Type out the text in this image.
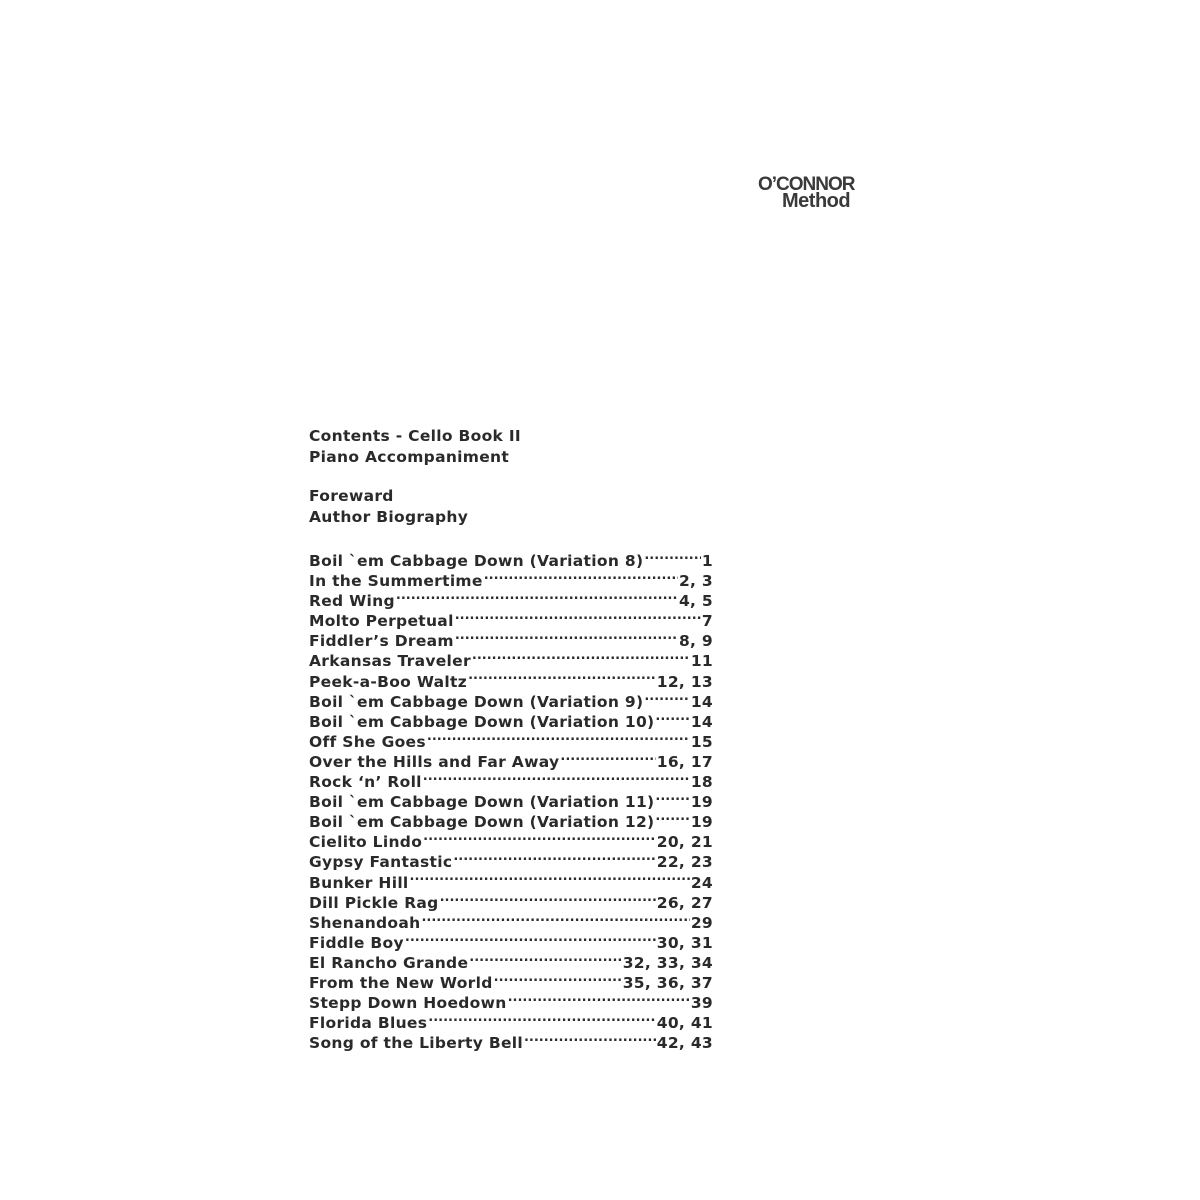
O’CONNOR
Method
Contents - Cello Book II
Piano Accompaniment
Foreward
Author Biography
Boil `em Cabbage Down (Variation 8) .....	1
In the Summertime .....	2, 3
Red Wing .....	4, 5
Molto Perpetual .....	7
Fiddler’s Dream .....	8, 9
Arkansas Traveler .....	11
Peek-a-Boo Waltz .....	12, 13
Boil `em Cabbage Down (Variation 9) .....	14
Boil `em Cabbage Down (Variation 10) ..... 14
Off She Goes .....	15
Over the Hills and Far Away .....	16, 17
Rock ‘n’ Roll .....	18
Boil `em Cabbage Down (Variation 11) ..... 19
Boil `em Cabbage Down (Variation 12) ..... 19
Cielito Lindo .....	20, 21
Gypsy Fantastic .....	22, 23
Bunker Hill .....	24
Dill Pickle Rag .....	26, 27
Shenandoah .....	29
Fiddle Boy .....	30, 31
El Rancho Grande .....	32, 33, 34
From the New World .....	35, 36, 37
Stepp Down Hoedown .....	39
Florida Blues .....	40, 41
Song of the Liberty Bell .....	42, 43
